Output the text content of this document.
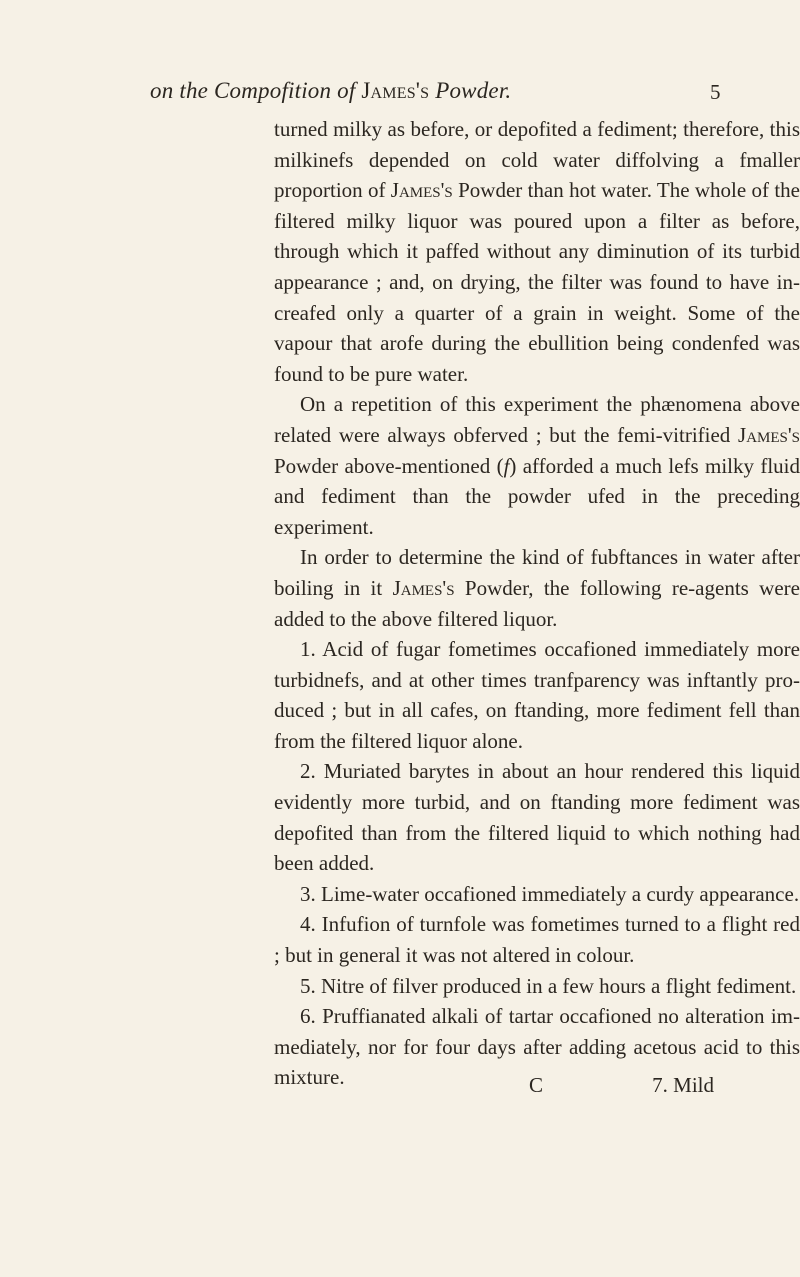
on the Compofition of James's Powder.	5

turned milky as before, or depofited a fediment; therefore, this milkinefs depended on cold water diffolving a fmaller proportion of James's Powder than hot water. The whole of the filtered milky liquor was poured upon a filter as before, through which it paffed without any diminution of its turbid appearance ; and, on drying, the filter was found to have in-creafed only a quarter of a grain in weight. Some of the vapour that arofe during the ebullition being condenfed was found to be pure water.

On a repetition of this experiment the phænomena above related were always obferved ; but the femi-vitrified James's Powder above-mentioned (f) afforded a much lefs milky fluid and fediment than the powder ufed in the preceding experiment.

In order to determine the kind of fubftances in water after boiling in it James's Powder, the following re-agents were added to the above filtered liquor.

1. Acid of fugar fometimes occafioned immediately more turbidnefs, and at other times tranfparency was inftantly pro-duced ; but in all cafes, on ftanding, more fediment fell than from the filtered liquor alone.

2. Muriated barytes in about an hour rendered this liquid evidently more turbid, and on ftanding more fediment was depofited than from the filtered liquid to which nothing had been added.

3. Lime-water occafioned immediately a curdy appearance.

4. Infufion of turnfole was fometimes turned to a flight red ; but in general it was not altered in colour.

5. Nitre of filver produced in a few hours a flight fediment.

6. Pruffianated alkali of tartar occafioned no alteration im-mediately, nor for four days after adding acetous acid to this mixture.	C	7. Mild
